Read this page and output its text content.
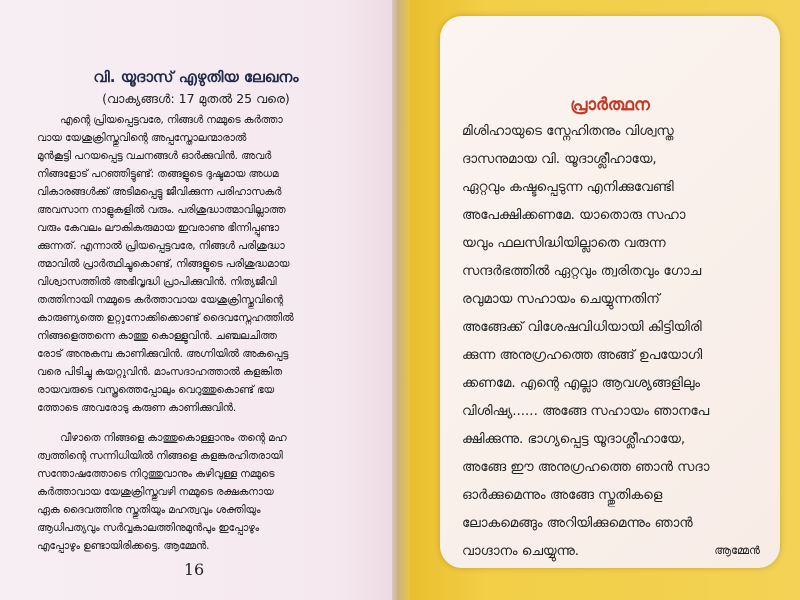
വി. യൂദാസ് എഴുതിയ ലേഖനം
(വാക്യങ്ങൾ: 17 മുതൽ 25 വരെ)
എന്റെ പ്രിയപ്പെട്ടവരേ, നിങ്ങൾ നമ്മുടെ കർത്താ
വായ യേശുക്രിസ്തുവിന്റെ അപ്പസ്തോലന്മാരാൽ
മുൻകൂട്ടി പറയപ്പെട്ട വചനങ്ങൾ ഓർക്കുവിൻ. അവർ
നിങ്ങളോട് പറഞ്ഞിട്ടുണ്ട്: തങ്ങളുടെ ദുഷ്ടമായ അധമ
വികാരങ്ങൾക്ക് അടിമപ്പെട്ടു ജീവിക്കുന്ന പരിഹാസകർ
അവസാന നാളുകളിൽ വരും. പരിശുദ്ധാത്മാവില്ലാത്ത
വരും കേവലം ലൗകികരുമായ ഇവരാണു ഭിന്നിപ്പുണ്ടാ
ക്കുന്നത്. എന്നാൽ പ്രിയപ്പെട്ടവരേ, നിങ്ങൾ പരിശുദ്ധാ
ത്മാവിൽ പ്രാർത്ഥിച്ചുകൊണ്ട്, നിങ്ങളുടെ പരിശുദ്ധമായ
വിശ്വാസത്തിൽ അഭിവൃദ്ധി പ്രാപിക്കുവിൻ. നിത്യജീവി
തത്തിനായി നമ്മുടെ കർത്താവായ യേശുക്രിസ്തുവിന്റെ
കാരുണ്യത്തെ ഉറ്റുനോക്കിക്കൊണ്ട് ദൈവസ്നേഹത്തിൽ
നിങ്ങളെത്തന്നെ കാത്തു കൊള്ളുവിൻ. ചഞ്ചലചിത്ത
രോട് അനുകമ്പ കാണിക്കുവിൻ. അഗ്നിയിൽ അകപ്പെട്ട
വരെ പിടിച്ചു കയറ്റുവിൻ. മാംസദാഹത്താൽ കളങ്കിത
രായവരുടെ വസ്ത്രത്തെപ്പോലും വെറുത്തുകൊണ്ട് ഭയ
ത്തോടെ അവരോടു കരുണ കാണിക്കുവിൻ.
വീഴാതെ നിങ്ങളെ കാത്തുകൊള്ളാനും തന്റെ മഹ
ത്വത്തിന്റെ സന്നിധിയിൽ നിങ്ങളെ കളങ്കരഹിതരായി
സന്തോഷത്തോടെ നിറുത്തുവാനും കഴിവുള്ള നമ്മുടെ
കർത്താവായ യേശുക്രിസ്തുവഴി നമ്മുടെ രക്ഷകനായ
ഏക ദൈവത്തിനു സ്തുതിയും മഹത്വവും ശക്തിയും
ആധിപത്യവും സർവ്വകാലത്തിനുമുൻപും ഇപ്പോഴും
എപ്പോഴും ഉണ്ടായിരിക്കട്ടെ. ആമ്മേൻ.
16
പ്രാർത്ഥന
മിശിഹായുടെ സ്നേഹിതനും വിശ്വസ്ത
ദാസനുമായ വി. യൂദാശ്ലീഹായേ,
ഏറ്റവും കഷ്ടപ്പെടുന്ന എനിക്കുവേണ്ടി
അപേക്ഷിക്കണമേ. യാതൊരു സഹാ
യവും ഫലസിദ്ധിയില്ലാതെ വരുന്ന
സന്ദർഭത്തിൽ ഏറ്റവും ത്വരിതവും ഗോച
രവുമായ സഹായം ചെയ്യുന്നതിന്
അങ്ങേക്ക് വിശേഷവിധിയായി കിട്ടിയിരി
ക്കുന്ന അനുഗ്രഹത്തെ അങ്ങ് ഉപയോഗി
ക്കണമേ. എന്റെ എല്ലാ ആവശ്യങ്ങളിലും
വിശിഷ്യ...... അങ്ങേ സഹായം ഞാനപേ
ക്ഷിക്കുന്നു. ഭാഗ്യപ്പെട്ട യൂദാശ്ലീഹായേ,
അങ്ങേ ഈ അനുഗ്രഹത്തെ ഞാൻ സദാ
ഓർക്കുമെന്നും അങ്ങേ സ്തുതികളെ
ലോകമെങ്ങും അറിയിക്കുമെന്നും ഞാൻ
വാഗ്ദാനം ചെയ്യുന്നു.	ആമ്മേൻ
